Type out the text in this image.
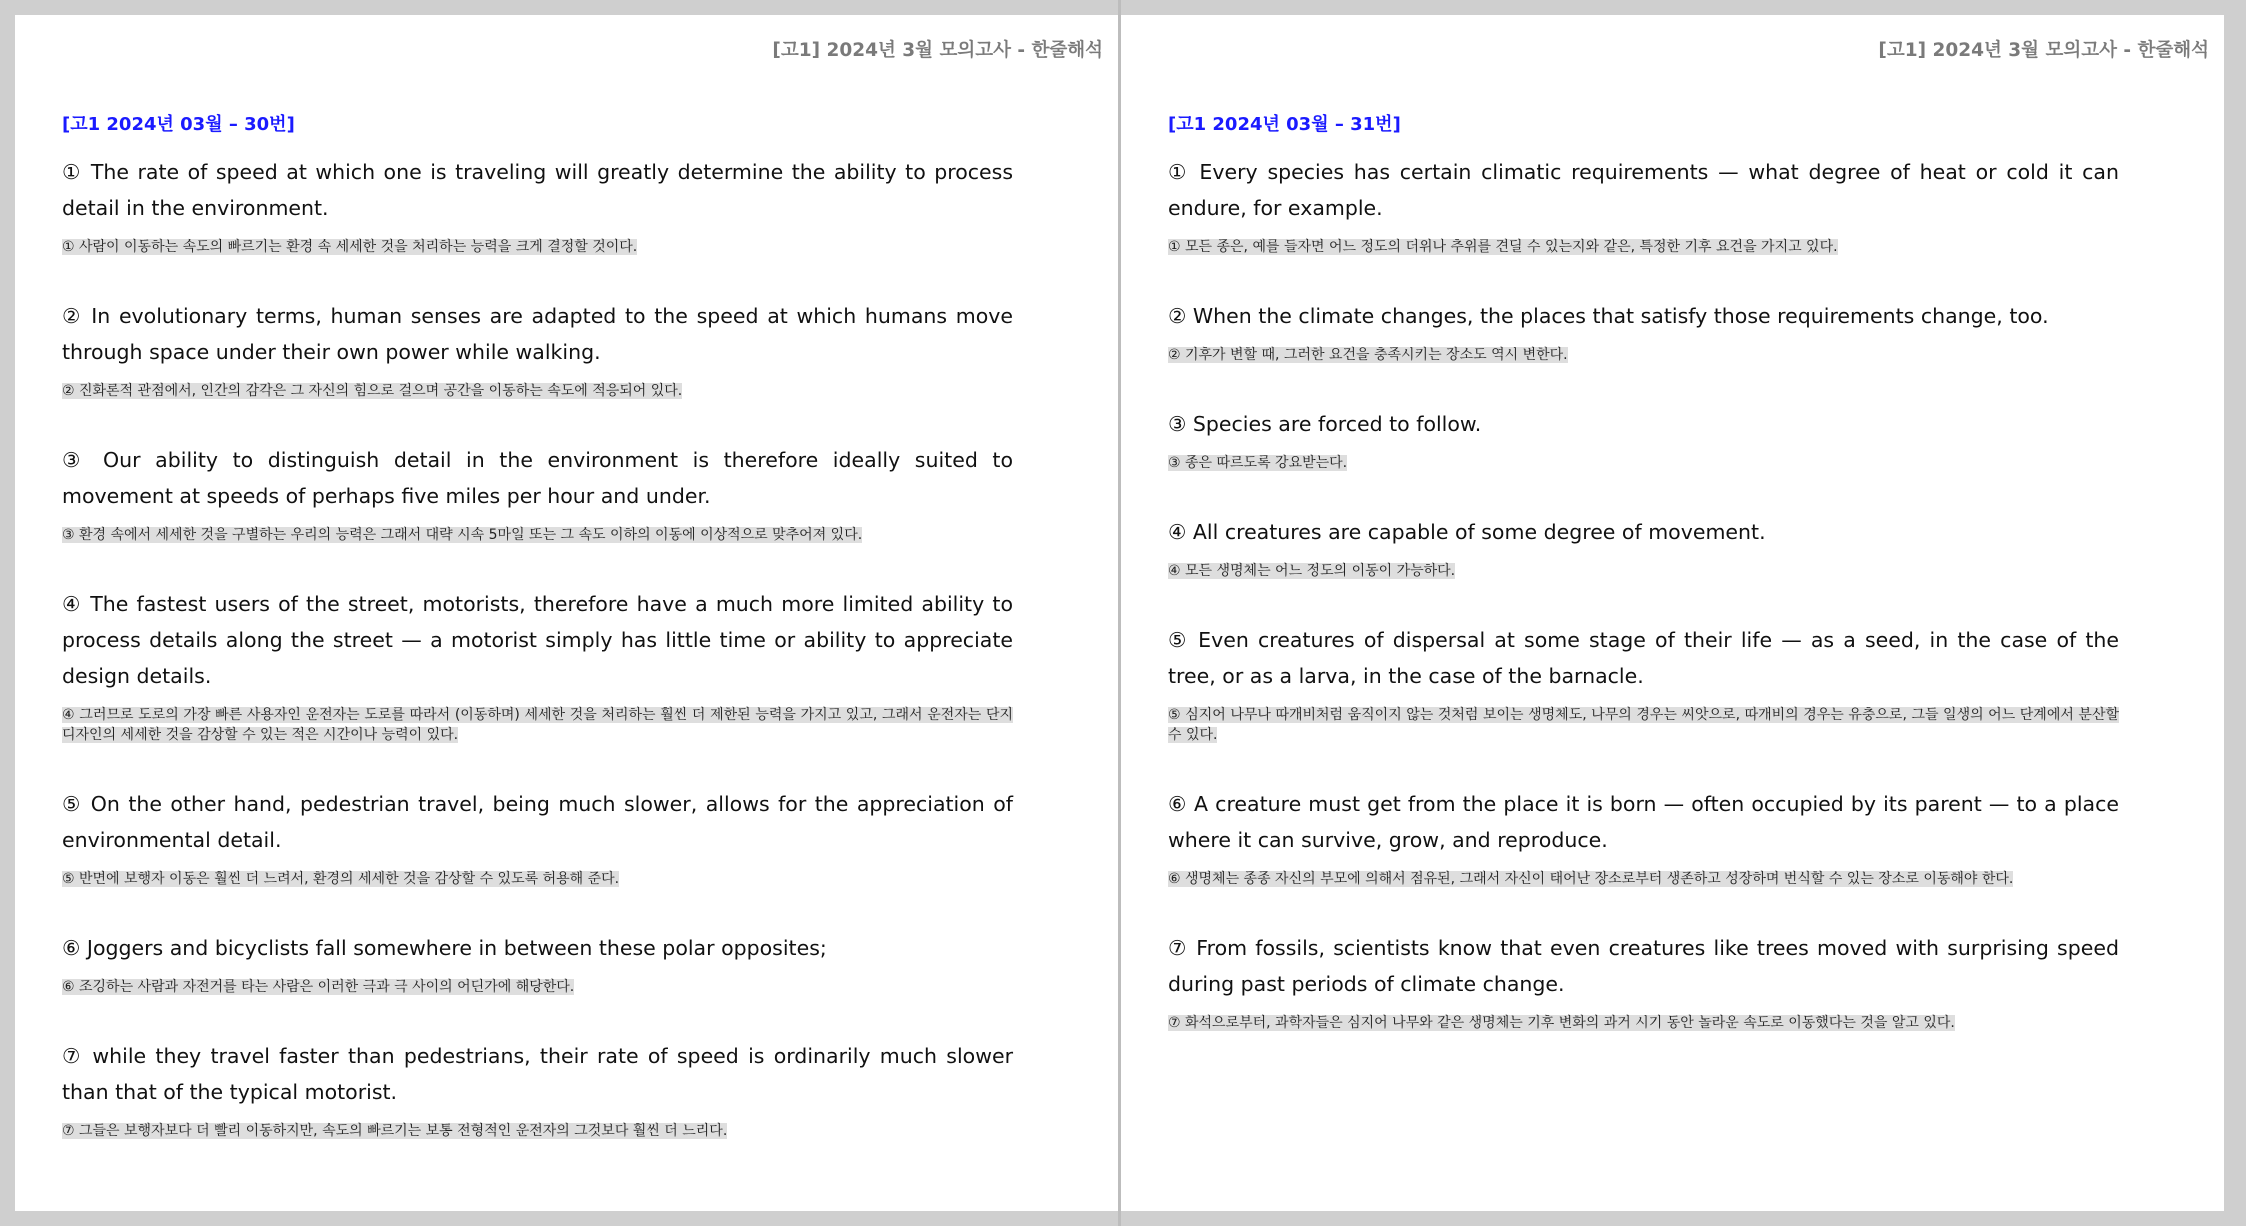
[고1] 2024년 3월 모의고사 - 한줄해석
[고1 2024년 03월 – 30번]
① The rate of speed at which one is traveling will greatly determine the ability to process detail in the environment.
① 사람이 이동하는 속도의 빠르기는 환경 속 세세한 것을 처리하는 능력을 크게 결정할 것이다.
② In evolutionary terms, human senses are adapted to the speed at which humans move through space under their own power while walking.
② 진화론적 관점에서, 인간의 감각은 그 자신의 힘으로 걸으며 공간을 이동하는 속도에 적응되어 있다.
③ Our ability to distinguish detail in the environment is therefore ideally suited to movement at speeds of perhaps five miles per hour and under.
③ 환경 속에서 세세한 것을 구별하는 우리의 능력은 그래서 대략 시속 5마일 또는 그 속도 이하의 이동에 이상적으로 맞추어져 있다.
④ The fastest users of the street, motorists, therefore have a much more limited ability to process details along the street — a motorist simply has little time or ability to appreciate design details.
④ 그러므로 도로의 가장 빠른 사용자인 운전자는 도로를 따라서 (이동하며) 세세한 것을 처리하는 훨씬 더 제한된 능력을 가지고 있고, 그래서 운전자는 단지 디자인의 세세한 것을 감상할 수 있는 적은 시간이나 능력이 있다.
⑤ On the other hand, pedestrian travel, being much slower, allows for the appreciation of environmental detail.
⑤ 반면에 보행자 이동은 훨씬 더 느려서, 환경의 세세한 것을 감상할 수 있도록 허용해 준다.
⑥ Joggers and bicyclists fall somewhere in between these polar opposites;
⑥ 조깅하는 사람과 자전거를 타는 사람은 이러한 극과 극 사이의 어딘가에 해당한다.
⑦ while they travel faster than pedestrians, their rate of speed is ordinarily much slower than that of the typical motorist.
⑦ 그들은 보행자보다 더 빨리 이동하지만, 속도의 빠르기는 보통 전형적인 운전자의 그것보다 훨씬 더 느리다.
[고1] 2024년 3월 모의고사 - 한줄해석
[고1 2024년 03월 – 31번]
① Every species has certain climatic requirements — what degree of heat or cold it can endure, for example.
① 모든 종은, 예를 들자면 어느 정도의 더위나 추위를 견딜 수 있는지와 같은, 특정한 기후 요건을 가지고 있다.
② When the climate changes, the places that satisfy those requirements change, too.
② 기후가 변할 때, 그러한 요건을 충족시키는 장소도 역시 변한다.
③ Species are forced to follow.
③ 종은 따르도록 강요받는다.
④ All creatures are capable of some degree of movement.
④ 모든 생명체는 어느 정도의 이동이 가능하다.
⑤ Even creatures of dispersal at some stage of their life — as a seed, in the case of the tree, or as a larva, in the case of the barnacle.
⑤ 심지어 나무나 따개비처럼 움직이지 않는 것처럼 보이는 생명체도, 나무의 경우는 씨앗으로, 따개비의 경우는 유충으로, 그들 일생의 어느 단계에서 분산할 수 있다.
⑥ A creature must get from the place it is born — often occupied by its parent — to a place where it can survive, grow, and reproduce.
⑥ 생명체는 종종 자신의 부모에 의해서 점유된, 그래서 자신이 태어난 장소로부터 생존하고 성장하며 번식할 수 있는 장소로 이동해야 한다.
⑦ From fossils, scientists know that even creatures like trees moved with surprising speed during past periods of climate change.
⑦ 화석으로부터, 과학자들은 심지어 나무와 같은 생명체는 기후 변화의 과거 시기 동안 놀라운 속도로 이동했다는 것을 알고 있다.
